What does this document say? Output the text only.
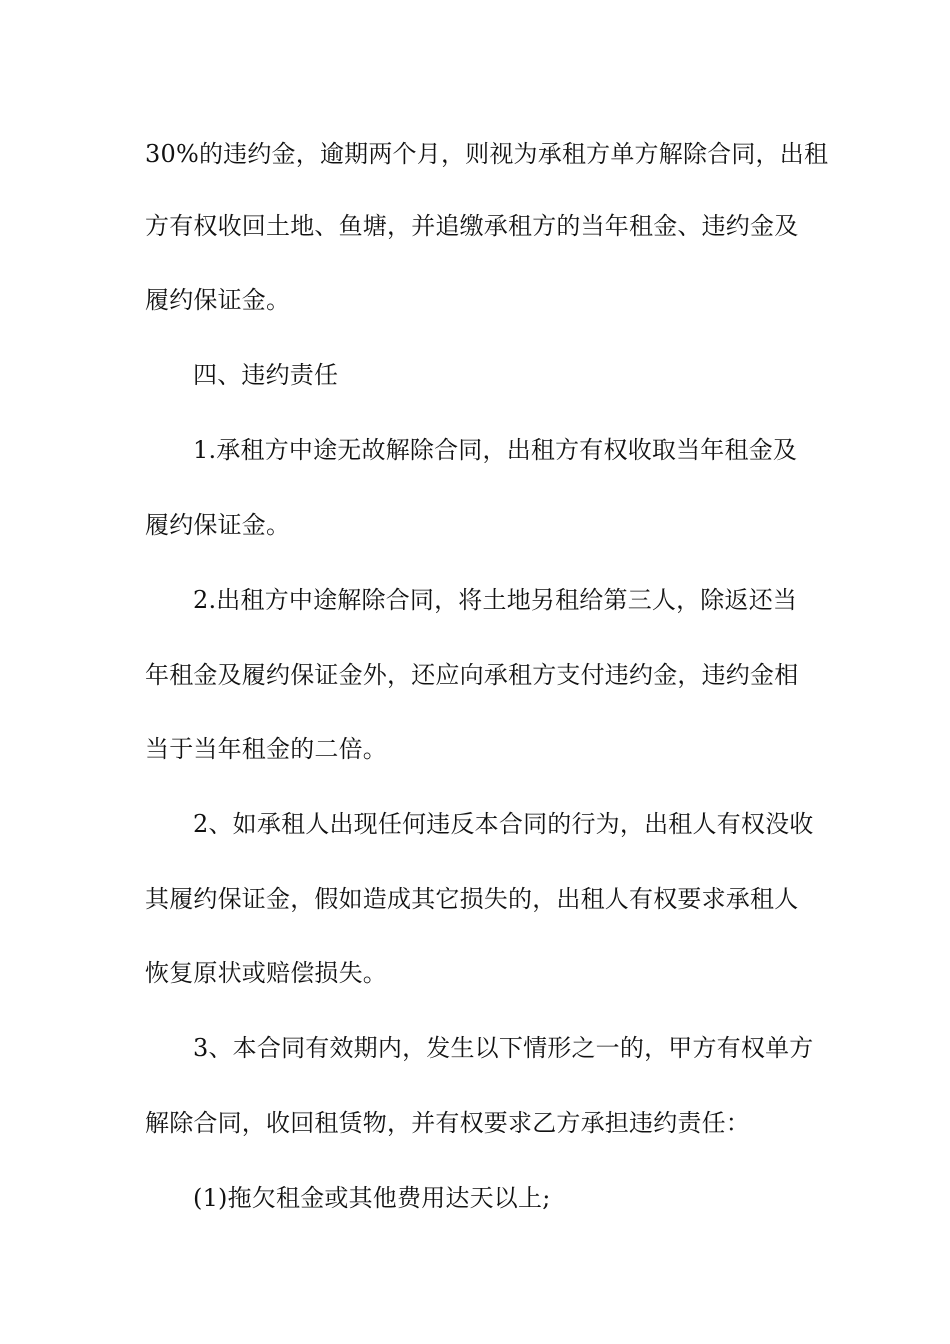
30%的违约金，逾期两个月，则视为承租方单方解除合同，出租
方有权收回土地、鱼塘，并追缴承租方的当年租金、违约金及
履约保证金。
四、违约责任
1.承租方中途无故解除合同，出租方有权收取当年租金及
履约保证金。
2.出租方中途解除合同，将土地另租给第三人，除返还当
年租金及履约保证金外，还应向承租方支付违约金，违约金相
当于当年租金的二倍。
2、如承租人出现任何违反本合同的行为，出租人有权没收
其履约保证金，假如造成其它损失的，出租人有权要求承租人
恢复原状或赔偿损失。
3、本合同有效期内，发生以下情形之一的，甲方有权单方
解除合同，收回租赁物，并有权要求乙方承担违约责任：
(1)拖欠租金或其他费用达天以上;
